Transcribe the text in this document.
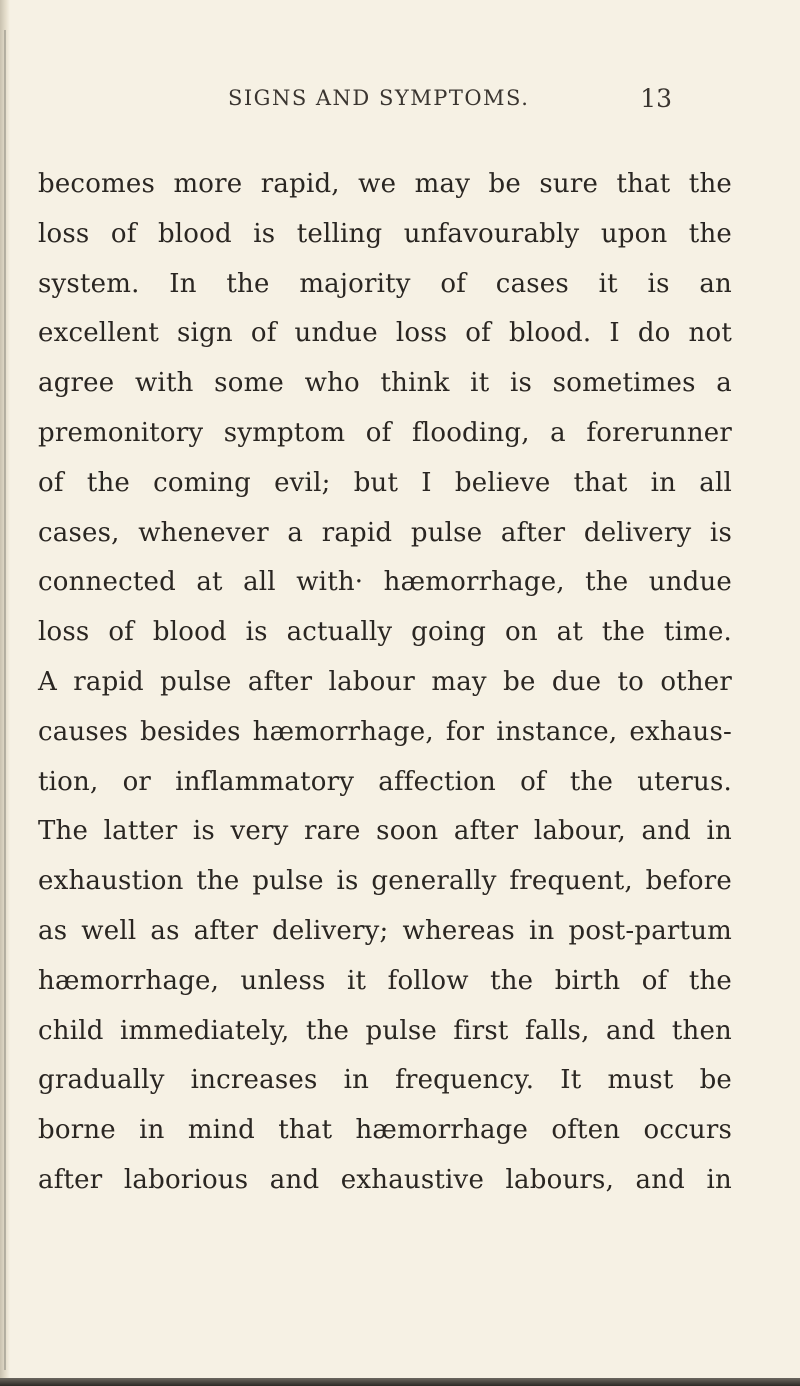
SIGNS AND SYMPTOMS.	13
becomes more rapid, we may be sure that the
loss of blood is telling unfavourably upon the
system. In the majority of cases it is an
excellent sign of undue loss of blood. I do not
agree with some who think it is sometimes a
premonitory symptom of flooding, a forerunner
of the coming evil; but I believe that in all
cases, whenever a rapid pulse after delivery is
connected at all with· hæmorrhage, the undue
loss of blood is actually going on at the time.
A rapid pulse after labour may be due to other
causes besides hæmorrhage, for instance, exhaus-
tion, or inflammatory affection of the uterus.
The latter is very rare soon after labour, and in
exhaustion the pulse is generally frequent, before
as well as after delivery; whereas in post-partum
hæmorrhage, unless it follow the birth of the
child immediately, the pulse first falls, and then
gradually increases in frequency. It must be
borne in mind that hæmorrhage often occurs
after laborious and exhaustive labours, and in
